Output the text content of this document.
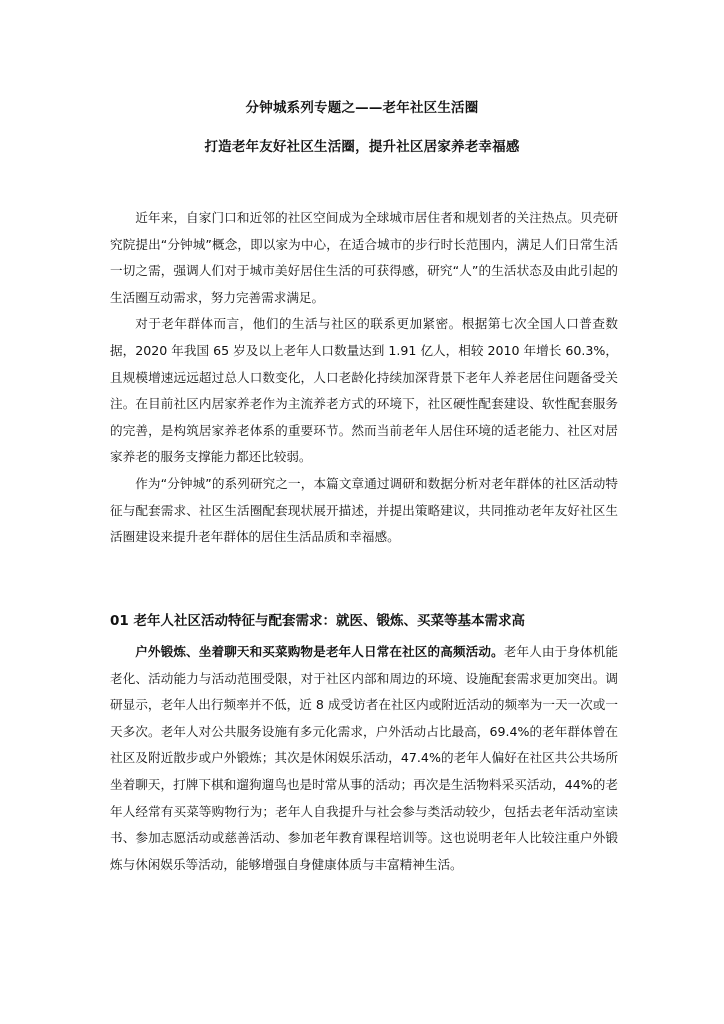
分钟城系列专题之——老年社区生活圈
打造老年友好社区生活圈，提升社区居家养老幸福感

近年来，自家门口和近邻的社区空间成为全球城市居住者和规划者的关注热点。贝壳研究院提出“分钟城”概念，即以家为中心，在适合城市的步行时长范围内，满足人们日常生活一切之需，强调人们对于城市美好居住生活的可获得感，研究“人”的生活状态及由此引起的生活圈互动需求，努力完善需求满足。

对于老年群体而言，他们的生活与社区的联系更加紧密。根据第七次全国人口普查数据，2020 年我国 65 岁及以上老年人口数量达到 1.91 亿人，相较 2010 年增长 60.3%，且规模增速远远超过总人口数变化，人口老龄化持续加深背景下老年人养老居住问题备受关注。在目前社区内居家养老作为主流养老方式的环境下，社区硬性配套建设、软性配套服务的完善，是构筑居家养老体系的重要环节。然而当前老年人居住环境的适老能力、社区对居家养老的服务支撑能力都还比较弱。

作为“分钟城”的系列研究之一，本篇文章通过调研和数据分析对老年群体的社区活动特征与配套需求、社区生活圈配套现状展开描述，并提出策略建议，共同推动老年友好社区生活圈建设来提升老年群体的居住生活品质和幸福感。

01 老年人社区活动特征与配套需求：就医、锻炼、买菜等基本需求高

户外锻炼、坐着聊天和买菜购物是老年人日常在社区的高频活动。老年人由于身体机能老化、活动能力与活动范围受限，对于社区内部和周边的环境、设施配套需求更加突出。调研显示，老年人出行频率并不低，近 8 成受访者在社区内或附近活动的频率为一天一次或一天多次。老年人对公共服务设施有多元化需求，户外活动占比最高，69.4%的老年群体曾在社区及附近散步或户外锻炼；其次是休闲娱乐活动，47.4%的老年人偏好在社区共公共场所坐着聊天，打牌下棋和遛狗遛鸟也是时常从事的活动；再次是生活物料采买活动，44%的老年人经常有买菜等购物行为；老年人自我提升与社会参与类活动较少，包括去老年活动室读书、参加志愿活动或慈善活动、参加老年教育课程培训等。这也说明老年人比较注重户外锻炼与休闲娱乐等活动，能够增强自身健康体质与丰富精神生活。
